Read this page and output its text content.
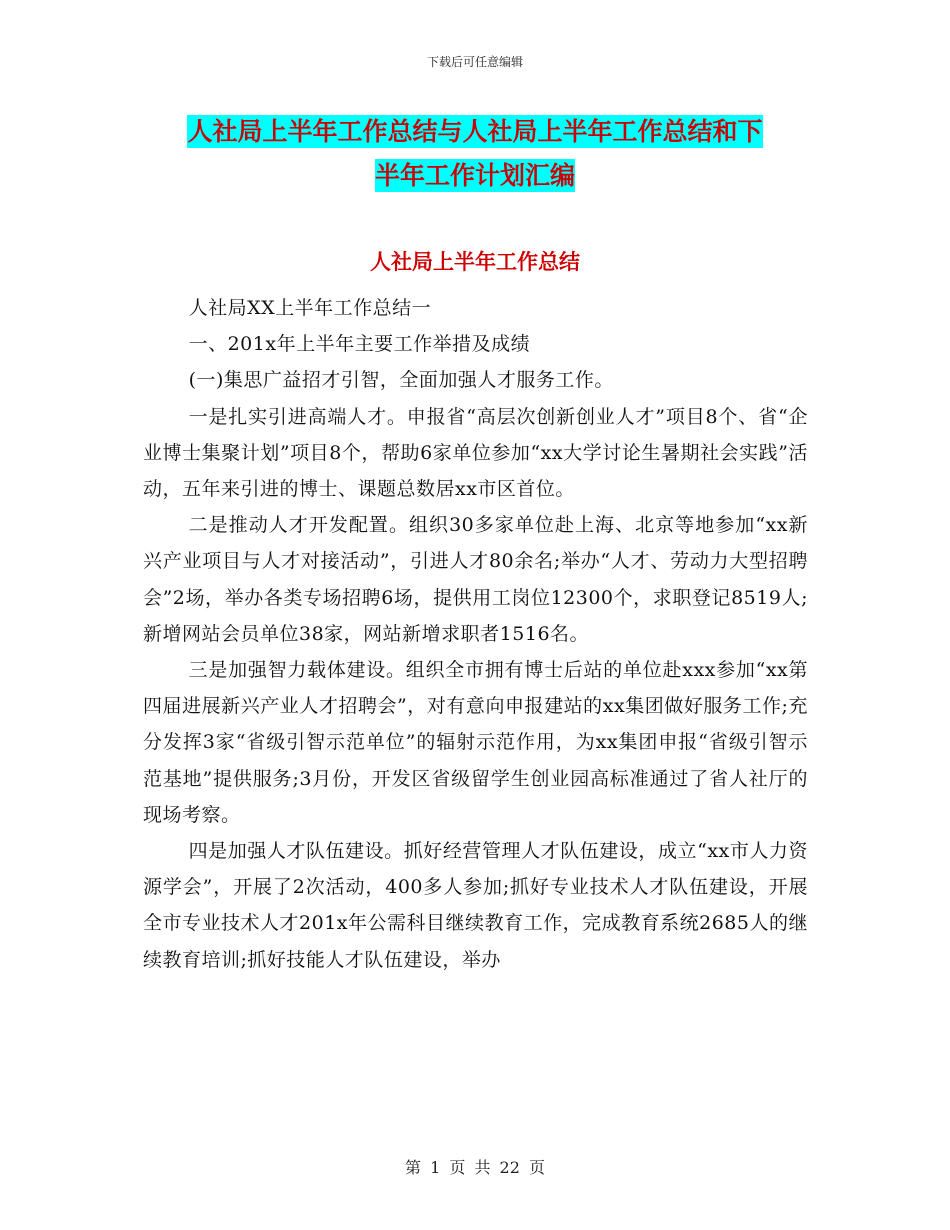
下载后可任意编辑
人社局上半年工作总结与人社局上半年工作总结和下
半年工作计划汇编
人社局上半年工作总结

人社局XX上半年工作总结一

一、201x年上半年主要工作举措及成绩

(一)集思广益招才引智，全面加强人才服务工作。

一是扎实引进高端人才。申报省“高层次创新创业人才”项目8个、省“企业博士集聚计划”项目8个，帮助6家单位参加“xx大学讨论生暑期社会实践”活动，五年来引进的博士、课题总数居xx市区首位。

二是推动人才开发配置。组织30多家单位赴上海、北京等地参加“xx新兴产业项目与人才对接活动”，引进人才80余名;举办“人才、劳动力大型招聘会”2场，举办各类专场招聘6场，提供用工岗位12300个，求职登记8519人;新增网站会员单位38家，网站新增求职者1516名。

三是加强智力载体建设。组织全市拥有博士后站的单位赴xxx参加“xx第四届进展新兴产业人才招聘会”，对有意向申报建站的xx集团做好服务工作;充分发挥3家“省级引智示范单位”的辐射示范作用，为xx集团申报“省级引智示范基地”提供服务;3月份，开发区省级留学生创业园高标准通过了省人社厅的现场考察。

四是加强人才队伍建设。抓好经营管理人才队伍建设，成立“xx市人力资源学会”，开展了2次活动，400多人参加;抓好专业技术人才队伍建设，开展全市专业技术人才201x年公需科目继续教育工作，完成教育系统2685人的继续教育培训;抓好技能人才队伍建设，举办

第 1 页 共 22 页
